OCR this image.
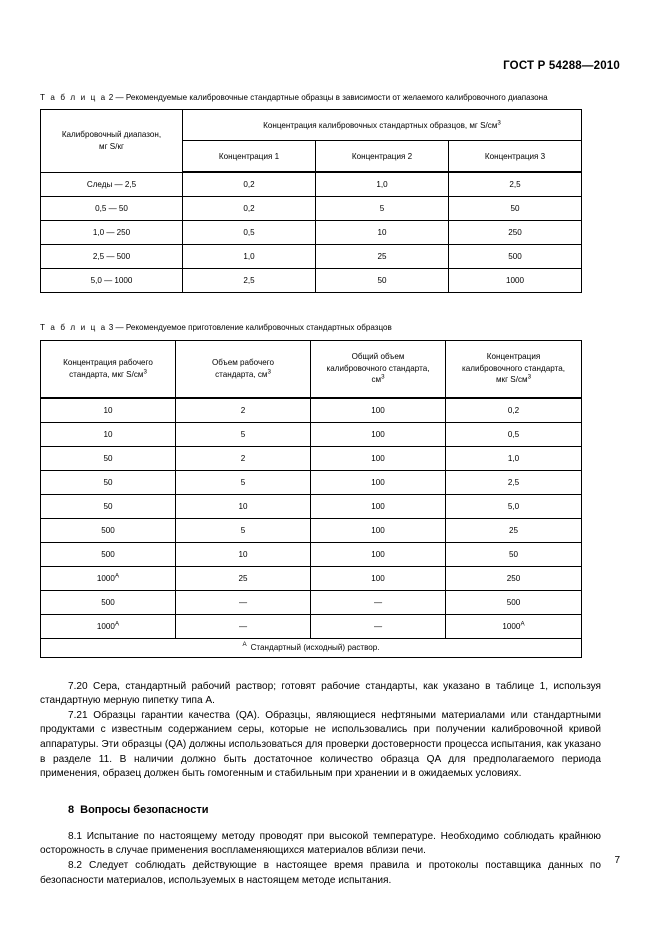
ГОСТ Р 54288—2010

Т а б л и ц а 2 — Рекомендуемые калибровочные стандартные образцы в зависимости от желаемого калибровочного диапазона

Калибровочный диапазон,
мг S/кг	Концентрация калибровочных стандартных образцов, мг $S/см^3$
	Концентрация 1	Концентрация 2	Концентрация 3
Следы — 2,5	0,2	1,0	2,5
0,5 — 50	0,2	5	50
1,0 — 250	0,5	10	250
2,5 — 500	1,0	25	500
5,0 — 1000	2,5	50	1000

Т а б л и ц а 3 — Рекомендуемое приготовление калибровочных стандартных образцов

Концентрация рабочего
стандарта, мкг $S/см^3$	Объем рабочего
стандарта, $см^3$	Общий объем
калибровочного стандарта,
$см^3$	Концентрация
калибровочного стандарта,
мкг $S/см^3$
10	2	100	0,2
10	5	100	0,5
50	2	100	1,0
50	5	100	2,5
50	10	100	5,0
500	5	100	25
500	10	100	50
$1000^А$	25	100	250
500	—	—	500
$1000^А$	—	—	$1000^А$
$^А$ Стандартный (исходный) раствор.			

7.20 Сера, стандартный рабочий раствор; готовят рабочие стандарты, как указано в таблице 1, используя стандартную мерную пипетку типа А.

7.21 Образцы гарантии качества (QA). Образцы, являющиеся нефтяными материалами или стандартными продуктами с известным содержанием серы, которые не использовались при получении калибровочной кривой аппаратуры. Эти образцы (QA) должны использоваться для проверки достоверности процесса испытания, как указано в разделе 11. В наличии должно быть достаточное количество образца QA для предполагаемого периода применения, образец должен быть гомогенным и стабильным при хранении и в ожидаемых условиях.

8 Вопросы безопасности

8.1 Испытание по настоящему методу проводят при высокой температуре. Необходимо соблюдать крайнюю осторожность в случае применения воспламеняющихся материалов вблизи печи.

8.2 Следует соблюдать действующие в настоящее время правила и протоколы поставщика данных по безопасности материалов, используемых в настоящем методе испытания.

7
